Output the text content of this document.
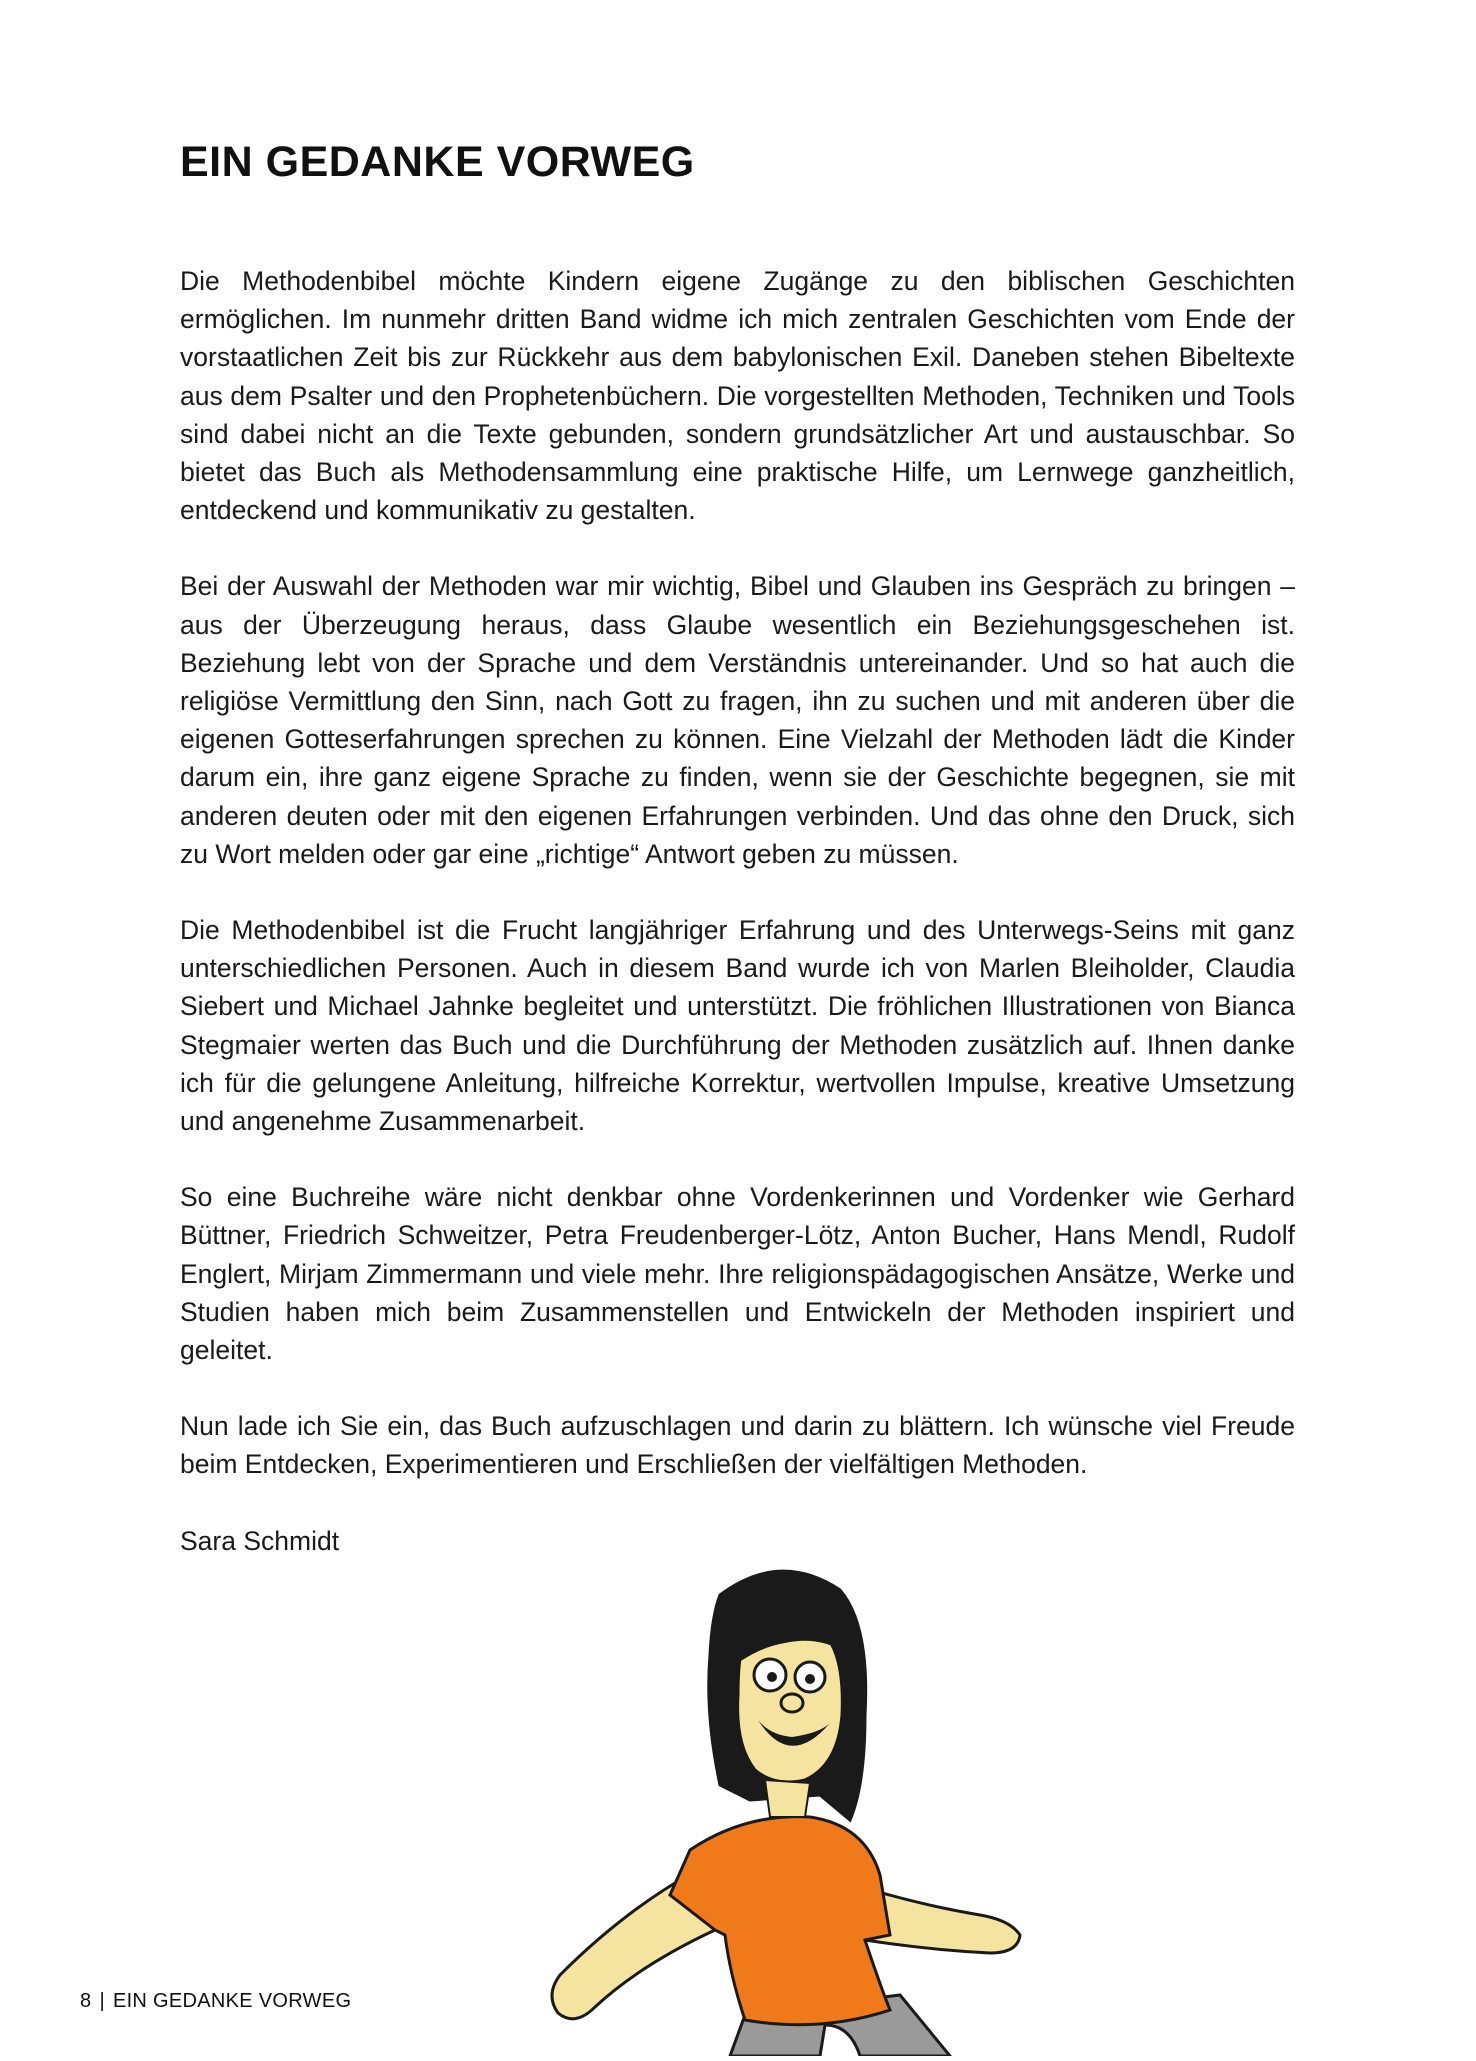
EIN GEDANKE VORWEG

Die Methodenbibel möchte Kindern eigene Zugänge zu den biblischen Geschichten ermöglichen. Im nunmehr dritten Band widme ich mich zentralen Geschichten vom Ende der vorstaatlichen Zeit bis zur Rückkehr aus dem babylonischen Exil. Daneben stehen Bibeltexte aus dem Psalter und den Prophetenbüchern. Die vorgestellten Methoden, Techniken und Tools sind dabei nicht an die Texte gebunden, sondern grundsätzlicher Art und austauschbar. So bietet das Buch als Methodensammlung eine praktische Hilfe, um Lernwege ganzheitlich, entdeckend und kommunikativ zu gestalten.

Bei der Auswahl der Methoden war mir wichtig, Bibel und Glauben ins Gespräch zu bringen – aus der Überzeugung heraus, dass Glaube wesentlich ein Beziehungsgeschehen ist. Beziehung lebt von der Sprache und dem Verständnis untereinander. Und so hat auch die religiöse Vermittlung den Sinn, nach Gott zu fragen, ihn zu suchen und mit anderen über die eigenen Gotteserfahrungen sprechen zu können. Eine Vielzahl der Methoden lädt die Kinder darum ein, ihre ganz eigene Sprache zu finden, wenn sie der Geschichte begegnen, sie mit anderen deuten oder mit den eigenen Erfahrungen verbinden. Und das ohne den Druck, sich zu Wort melden oder gar eine „richtige“ Antwort geben zu müssen.

Die Methodenbibel ist die Frucht langjähriger Erfahrung und des Unterwegs-Seins mit ganz unterschiedlichen Personen. Auch in diesem Band wurde ich von Marlen Bleiholder, Claudia Siebert und Michael Jahnke begleitet und unterstützt. Die fröhlichen Illustrationen von Bianca Stegmaier werten das Buch und die Durchführung der Methoden zusätzlich auf. Ihnen danke ich für die gelungene Anleitung, hilfreiche Korrektur, wertvollen Impulse, kreative Umsetzung und angenehme Zusammenarbeit.

So eine Buchreihe wäre nicht denkbar ohne Vordenkerinnen und Vordenker wie Gerhard Büttner, Friedrich Schweitzer, Petra Freudenberger-Lötz, Anton Bucher, Hans Mendl, Rudolf Englert, Mirjam Zimmermann und viele mehr. Ihre religionspädagogischen Ansätze, Werke und Studien haben mich beim Zusammenstellen und Entwickeln der Methoden inspiriert und geleitet.

Nun lade ich Sie ein, das Buch aufzuschlagen und darin zu blättern. Ich wünsche viel Freude beim Entdecken, Experimentieren und Erschließen der vielfältigen Methoden.

Sara Schmidt

8 | EIN GEDANKE VORWEG
